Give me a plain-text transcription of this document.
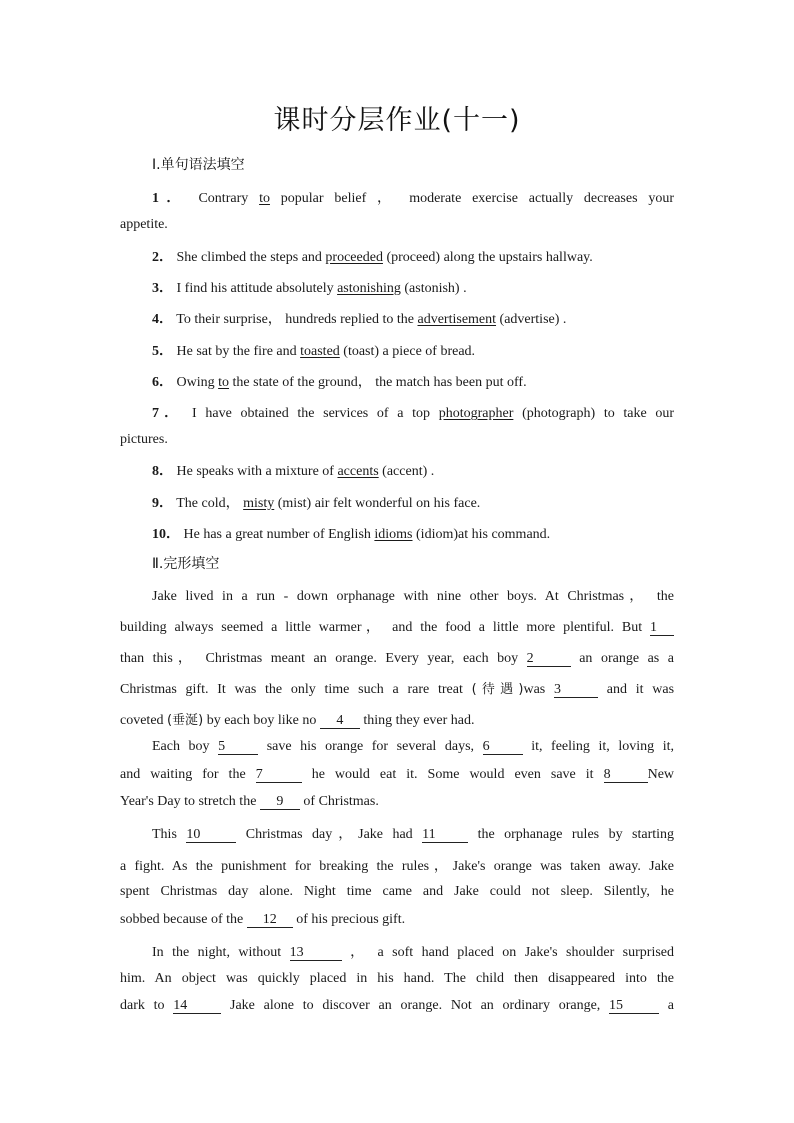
课时分层作业(十一)
Ⅰ.单句语法填空
1． Contrary to popular belief ， moderate exercise actually decreases your
appetite.
2． She climbed the steps and proceeded (proceed) along the upstairs hallway.
3． I find his attitude absolutely astonishing (astonish) .
4． To their surprise， hundreds replied to the advertisement (advertise) .
5． He sat by the fire and toasted (toast) a piece of bread.
6． Owing to the state of the ground， the match has been put off.
7． I have obtained the services of a top photographer (photograph) to take our
pictures.
8． He speaks with a mixture of accents (accent) .
9． The cold， misty (mist) air felt wonderful on his face.
10． He has a great number of English idioms (idiom)at his command.
Ⅱ.完形填空
Jake lived in a run - down orphanage with nine other boys. At Christmas， the
building always seemed a little warmer， and the food a little more plentiful. But 1
than this， Christmas meant an orange. Every year, each boy 2	an orange as a
Christmas gift. It was the only time such a rare treat (待遇)was 3	and it was
coveted (垂涎) by each boy like no 4 thing they ever had.
Each boy 5	save his orange for several days, 6	it, feeling it, loving it,
and waiting for the 7	he would eat it. Some would even save it 8	New
Year's Day to stretch the 9 of Christmas.
This 10	Christmas day，Jake had 11	the orphanage rules by starting
a fight. As the punishment for breaking the rules，Jake's orange was taken away. Jake
spent Christmas day alone. Night time came and Jake could not sleep. Silently, he
sobbed because of the 12 of his precious gift.
In the night, without 13	， a soft hand placed on Jake's shoulder surprised
him. An object was quickly placed in his hand. The child then disappeared into the
dark to 14	Jake alone to discover an orange. Not an ordinary orange, 15	a
